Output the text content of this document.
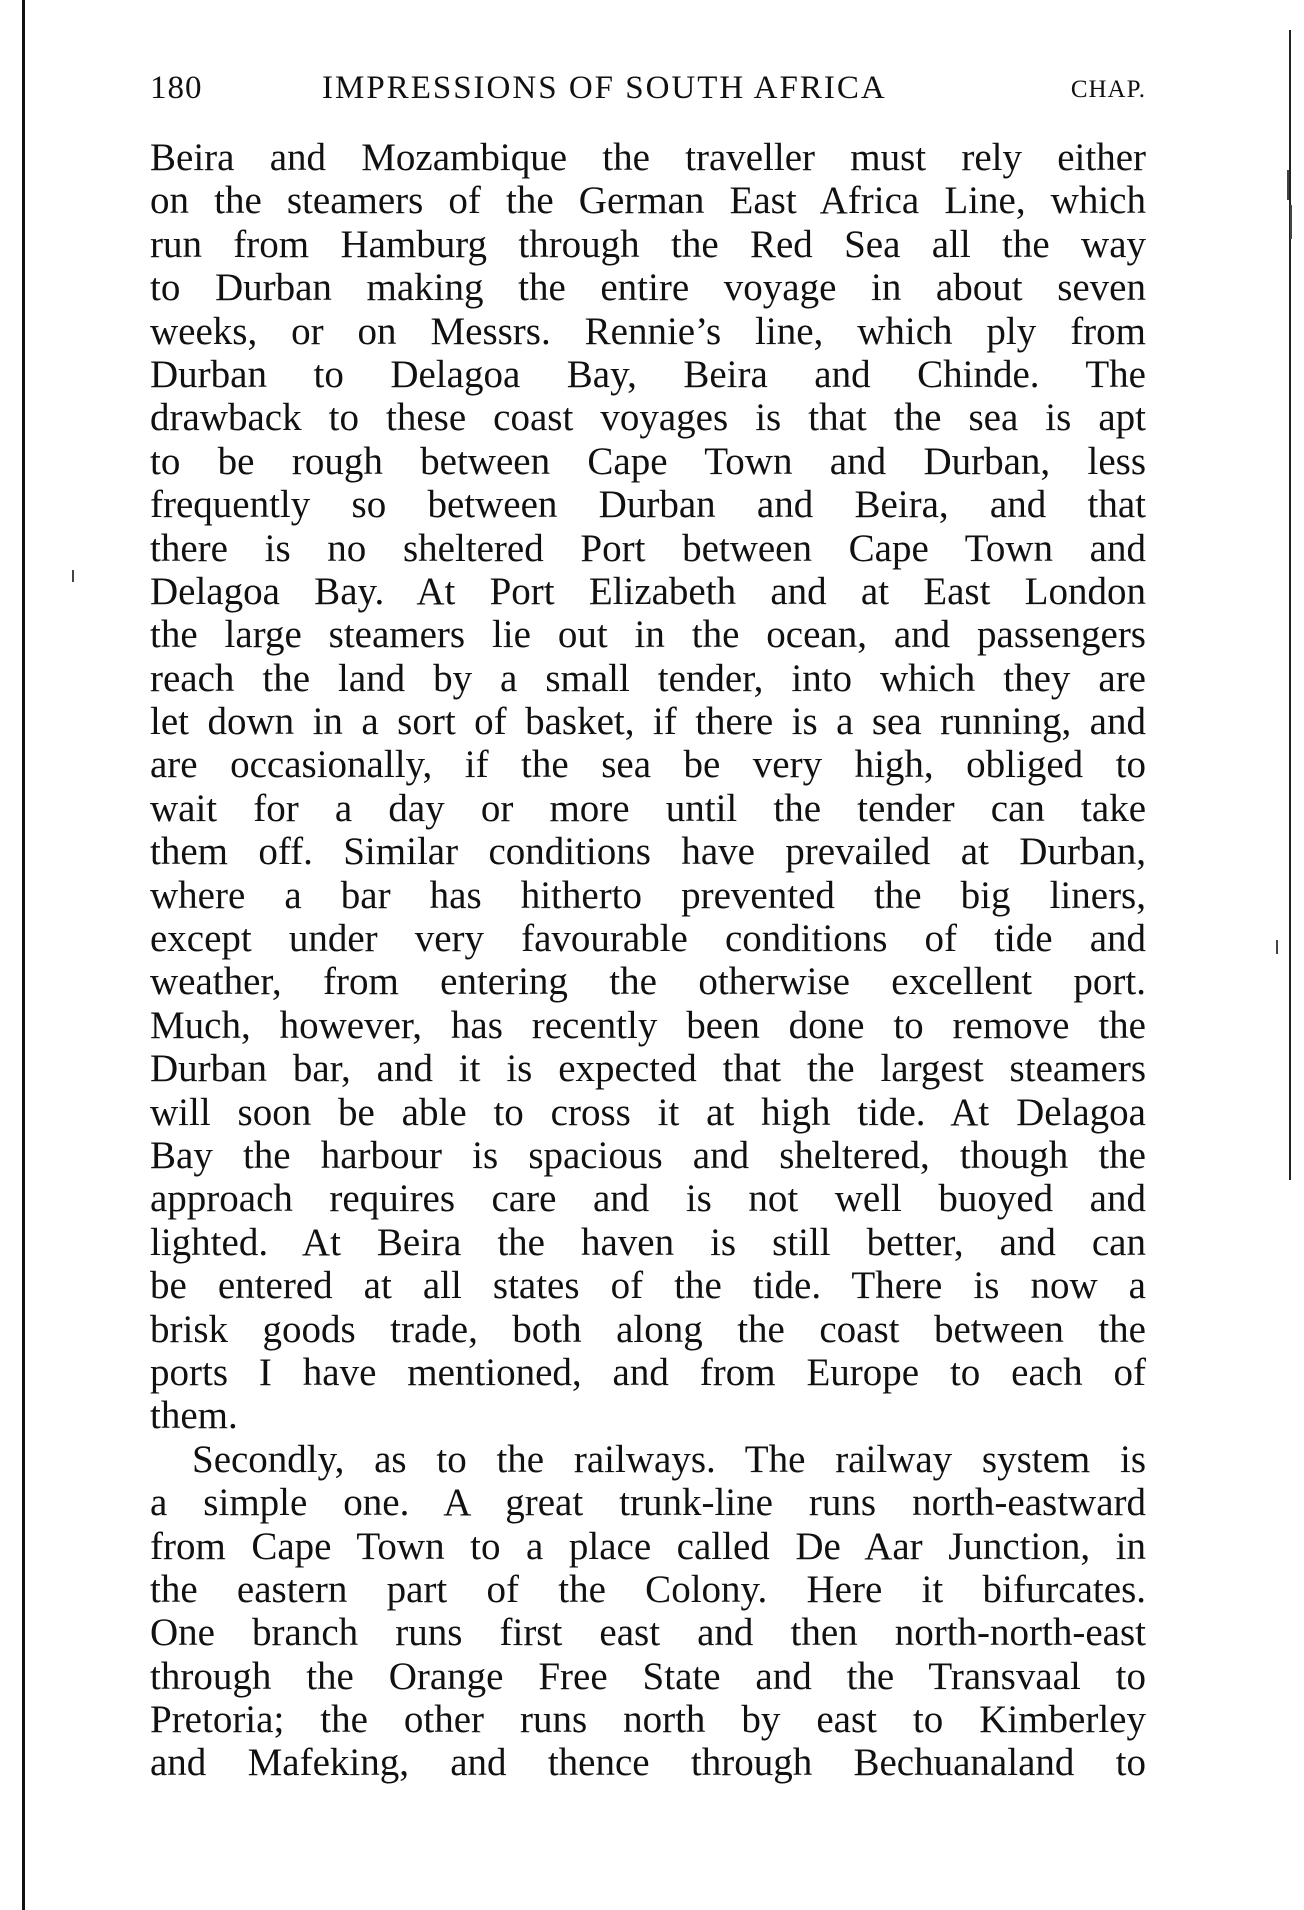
180	IMPRESSIONS OF SOUTH AFRICA	CHAP.
Beira and Mozambique the traveller must rely either
on the steamers of the German East Africa Line, which
run from Hamburg through the Red Sea all the way
to Durban making the entire voyage in about seven
weeks, or on Messrs. Rennie’s line, which ply from
Durban to Delagoa Bay, Beira and Chinde. The
drawback to these coast voyages is that the sea is apt
to be rough between Cape Town and Durban, less
frequently so between Durban and Beira, and that
there is no sheltered Port between Cape Town and
Delagoa Bay. At Port Elizabeth and at East London
the large steamers lie out in the ocean, and passengers
reach the land by a small tender, into which they are
let down in a sort of basket, if there is a sea running, and
are occasionally, if the sea be very high, obliged to
wait for a day or more until the tender can take
them off. Similar conditions have prevailed at Durban,
where a bar has hitherto prevented the big liners,
except under very favourable conditions of tide and
weather, from entering the otherwise excellent port.
Much, however, has recently been done to remove the
Durban bar, and it is expected that the largest steamers
will soon be able to cross it at high tide. At Delagoa
Bay the harbour is spacious and sheltered, though the
approach requires care and is not well buoyed and
lighted. At Beira the haven is still better, and can
be entered at all states of the tide. There is now a
brisk goods trade, both along the coast between the
ports I have mentioned, and from Europe to each of
them.
Secondly, as to the railways. The railway system is
a simple one. A great trunk-line runs north-eastward
from Cape Town to a place called De Aar Junction, in
the eastern part of the Colony. Here it bifurcates.
One branch runs first east and then north-north-east
through the Orange Free State and the Transvaal to
Pretoria; the other runs north by east to Kimberley
and Mafeking, and thence through Bechuanaland to
